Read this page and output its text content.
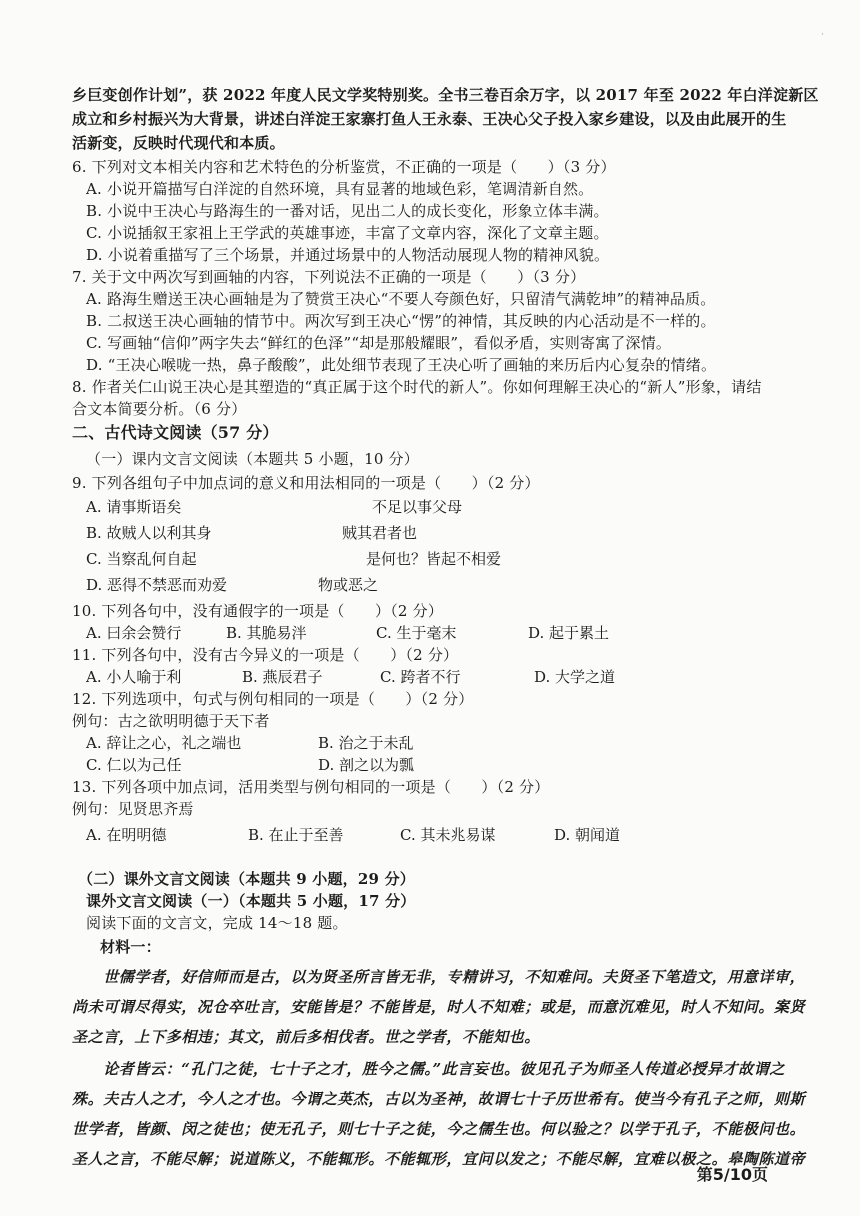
·
乡巨变创作计划”，获 2022 年度人民文学奖特别奖。全书三卷百余万字，以 2017 年至 2022 年白洋淀新区
成立和乡村振兴为大背景，讲述白洋淀王家寨打鱼人王永泰、王决心父子投入家乡建设，以及由此展开的生
活新变，反映时代现代和本质。
6. 下列对文本相关内容和艺术特色的分析鉴赏，不正确的一项是（　　）（3 分）
A. 小说开篇描写白洋淀的自然环境，具有显著的地域色彩，笔调清新自然。
B. 小说中王决心与路海生的一番对话，见出二人的成长变化，形象立体丰满。
C. 小说插叙王家祖上王学武的英雄事迹，丰富了文章内容，深化了文章主题。
D. 小说着重描写了三个场景，并通过场景中的人物活动展现人物的精神风貌。
7. 关于文中两次写到画轴的内容，下列说法不正确的一项是（　　）（3 分）
A. 路海生赠送王决心画轴是为了赞赏王决心“不要人夸颜色好，只留清气满乾坤”的精神品质。
B. 二叔送王决心画轴的情节中。两次写到王决心“愣”的神情，其反映的内心活动是不一样的。
C. 写画轴“信仰”两字失去“鲜红的色泽”“却是那般耀眼”，看似矛盾，实则寄寓了深情。
D. “王决心喉咙一热，鼻子酸酸”，此处细节表现了王决心听了画轴的来历后内心复杂的情绪。
8. 作者关仁山说王决心是其塑造的“真正属于这个时代的新人”。你如何理解王决心的“新人”形象，请结
合文本简要分析。（6 分）
二、古代诗文阅读（57 分）
（一）课内文言文阅读（本题共 5 小题，10 分）
9. 下列各组句子中加点词的意义和用法相同的一项是（　　）（2 分）
A. 请事斯语矣	不足以事父母
B. 故贼人以利其身	贼其君者也
C. 当察乱何自起	是何也？皆起不相爱
D. 恶得不禁恶而劝爱	物或恶之
10. 下列各句中，没有通假字的一项是（　　）（2 分）
A. 曰余会赞行	B. 其脆易泮	C. 生于毫末	D. 起于累土
11. 下列各句中，没有古今异义的一项是（　　）（2 分）
A. 小人喻于利	B. 燕辰君子	C. 跨者不行	D. 大学之道
12. 下列选项中，句式与例句相同的一项是（　　）（2 分）
例句：古之欲明明德于天下者
A. 辞让之心，礼之端也	B. 治之于未乱
C. 仁以为己任	D. 剖之以为瓢
13. 下列各项中加点词，活用类型与例句相同的一项是（　　）（2 分）
例句：见贤思齐焉
A. 在明明德	B. 在止于至善	C. 其未兆易谋	D. 朝闻道
（二）课外文言文阅读（本题共 9 小题，29 分）
课外文言文阅读（一）（本题共 5 小题，17 分）
阅读下面的文言文，完成 14～18 题。
材料一：
　　世儒学者，好信师而是古，以为贤圣所言皆无非，专精讲习，不知难问。夫贤圣下笔造文，用意详审，
尚未可谓尽得实，况仓卒吐言，安能皆是？不能皆是，时人不知难；或是，而意沉难见，时人不知问。案贤
圣之言，上下多相违；其文，前后多相伐者。世之学者，不能知也。
　　论者皆云：“孔门之徒，七十子之才，胜今之儒。”此言妄也。彼见孔子为师圣人传道必授异才故谓之
殊。夫古人之才，今人之才也。今谓之英杰，古以为圣神，故谓七十子历世希有。使当今有孔子之师，则斯
世学者，皆颜、闵之徒也；使无孔子，则七十子之徒，今之儒生也。何以验之？以学于孔子，不能极问也。
圣人之言，不能尽解；说道陈义，不能辄形。不能辄形，宜问以发之；不能尽解，宜难以极之。皋陶陈道帝
第5/10页
